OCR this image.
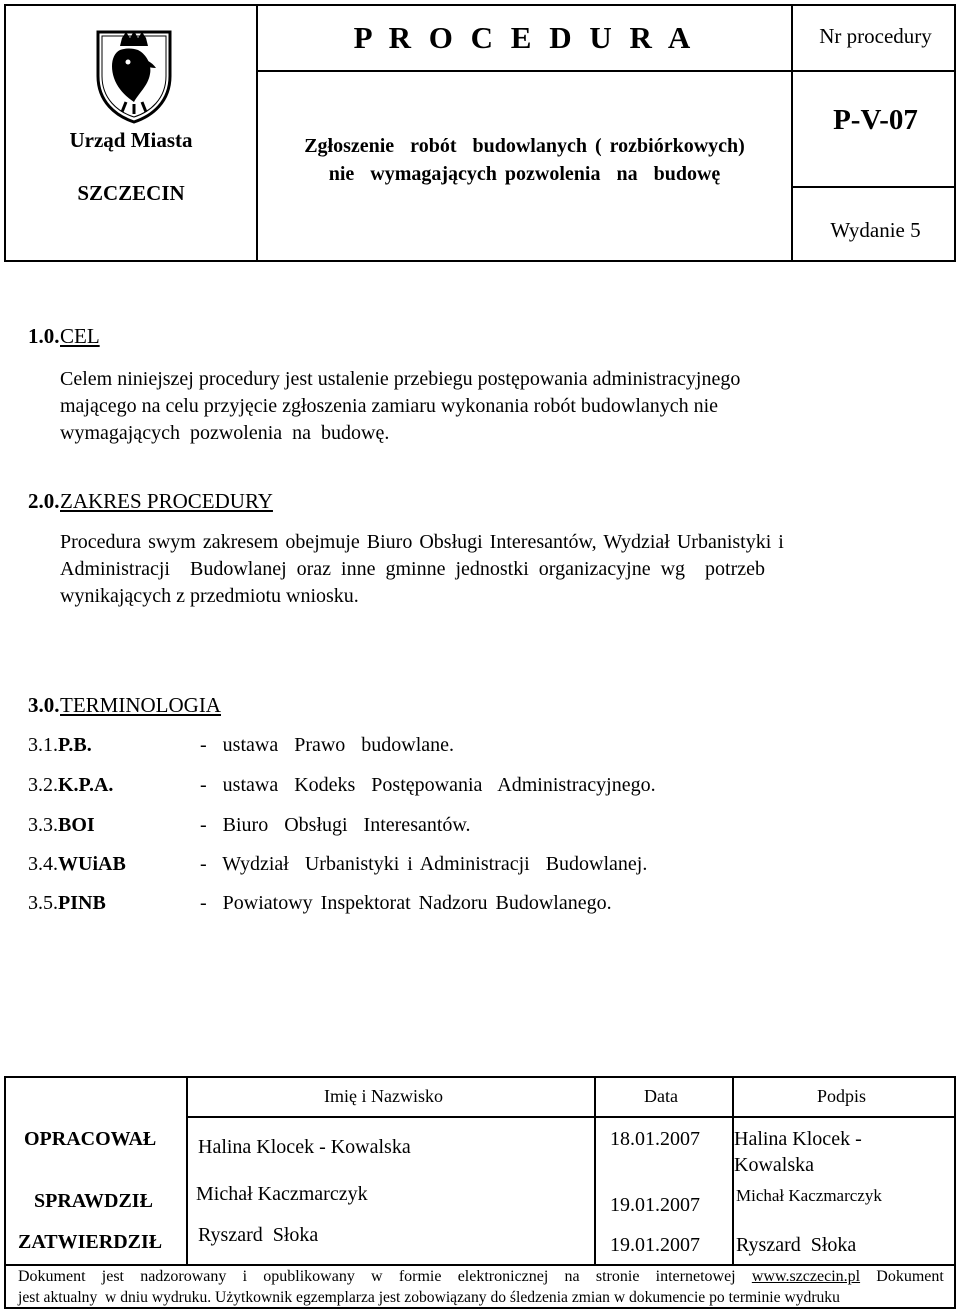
Urząd Miasta
SZCZECIN
P R O C E D U R A
Zgłoszenie  robót  budowlanych ( rozbiórkowych)
nie  wymagających pozwolenia  na  budowę
Nr procedury
P-V-07
Wydanie 5
1.0. CEL
Celem niniejszej procedury jest ustalenie przebiegu postępowania administracyjnego
mającego na celu przyjęcie zgłoszenia zamiaru wykonania robót budowlanych nie
wymagających  pozwolenia  na  budowę.
2.0. ZAKRES PROCEDURY
Procedura swym zakresem obejmuje Biuro Obsługi Interesantów, Wydział Urbanistyki i
Administracji    Budowlanej  oraz  inne  gminne  jednostki  organizacyjne  wg    potrzeb
wynikających z przedmiotu wniosku.
3.0. TERMINOLOGIA
3.1. P.B.	-  ustawa  Prawo  budowlane.
3.2. K.P.A.	-  ustawa  Kodeks  Postępowania  Administracyjnego.
3.3. BOI	-  Biuro  Obsługi  Interesantów.
3.4. WUiAB	-  Wydział  Urbanistyki i Administracji  Budowlanej.
3.5. PINB	-  Powiatowy Inspektorat Nadzoru Budowlanego.
Imię i Nazwisko	Data	Podpis
OPRACOWAŁ Halina Klocek - Kowalska	18.01.2007 Halina Klocek -
Kowalska
SPRAWDZIŁ Michał Kaczmarczyk	19.01.2007 Michał Kaczmarczyk
ZATWIERDZIŁ Ryszard  Słoka	19.01.2007 Ryszard  Słoka
Dokument jest nadzorowany i opublikowany w formie elektronicznej na stronie internetowej www.szczecin.pl Dokument
jest aktualny  w dniu wydruku. Użytkownik egzemplarza jest zobowiązany do śledzenia zmian w dokumencie po terminie wydruku
